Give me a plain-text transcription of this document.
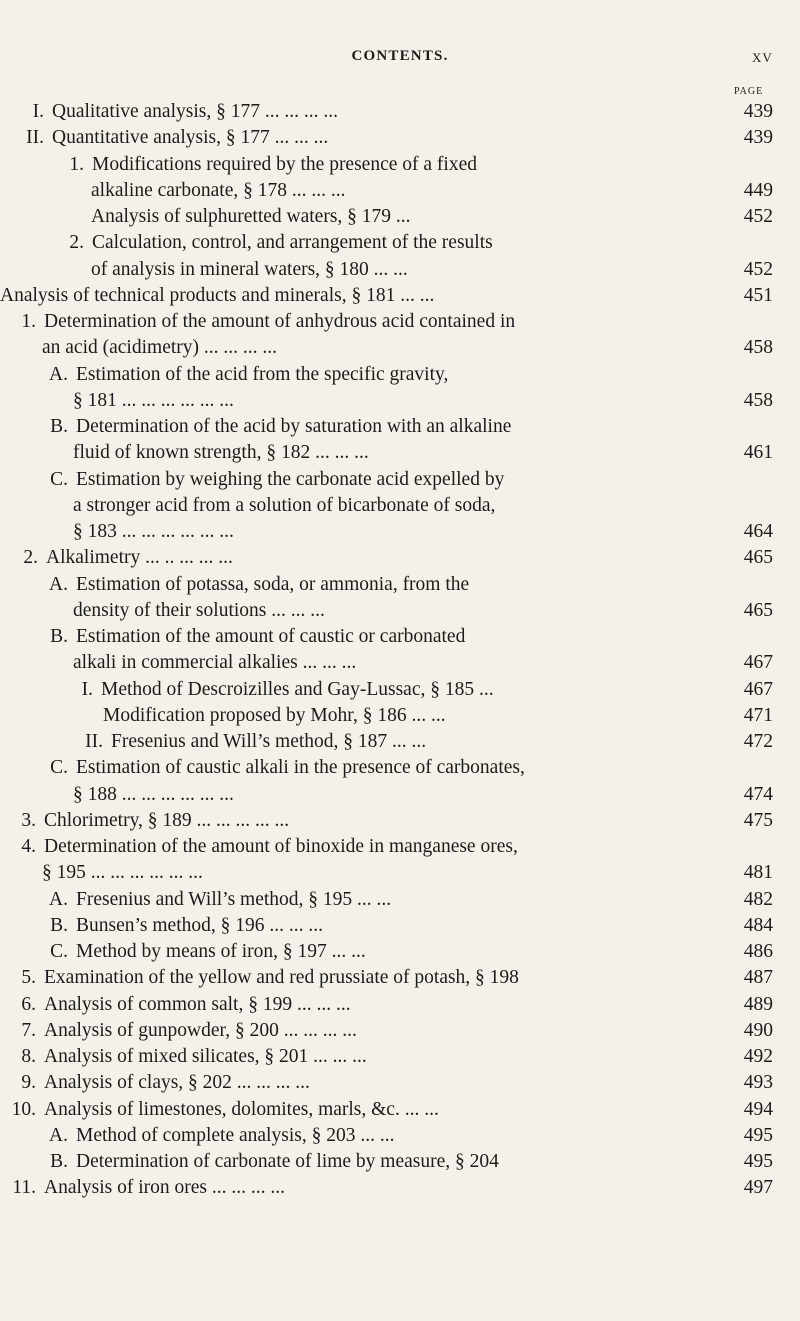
CONTENTS.	XV
PAGE
I. Qualitative analysis, § 177 ... ... ... ...	439
II. Quantitative analysis, § 177 ... ... ...	439
1. Modifications required by the presence of a fixed
alkaline carbonate, § 178 ... ... ...	449
Analysis of sulphuretted waters, § 179 ...	452
2. Calculation, control, and arrangement of the results
of analysis in mineral waters, § 180 ... ...	452
Analysis of technical products and minerals, § 181 ... ...	451
1. Determination of the amount of anhydrous acid contained in
an acid (acidimetry) ... ... ... ...	458
A. Estimation of the acid from the specific gravity,
§ 181 ... ... ... ... ... ...	458
B. Determination of the acid by saturation with an alkaline
fluid of known strength, § 182 ... ... ...	461
C. Estimation by weighing the carbonate acid expelled by
a stronger acid from a solution of bicarbonate of soda,
§ 183 ... ... ... ... ... ...	464
2. Alkalimetry ... .. ... ... ...	465
A. Estimation of potassa, soda, or ammonia, from the
density of their solutions ... ... ...	465
B. Estimation of the amount of caustic or carbonated
alkali in commercial alkalies ... ... ...	467
I. Method of Descroizilles and Gay-Lussac, § 185 ...	467
Modification proposed by Mohr, § 186 ... ...	471
II. Fresenius and Will’s method, § 187 ... ...	472
C. Estimation of caustic alkali in the presence of carbonates,
§ 188 ... ... ... ... ... ...	474
3. Chlorimetry, § 189 ... ... ... ... ...	475
4. Determination of the amount of binoxide in manganese ores,
§ 195 ... ... ... ... ... ...	481
A. Fresenius and Will’s method, § 195 ... ...	482
B. Bunsen’s method, § 196 ... ... ...	484
C. Method by means of iron, § 197 ... ...	486
5. Examination of the yellow and red prussiate of potash, § 198	487
6. Analysis of common salt, § 199 ... ... ...	489
7. Analysis of gunpowder, § 200 ... ... ... ...	490
8. Analysis of mixed silicates, § 201 ... ... ...	492
9. Analysis of clays, § 202 ... ... ... ...	493
10. Analysis of limestones, dolomites, marls, &c. ... ...	494
A. Method of complete analysis, § 203 ... ...	495
B. Determination of carbonate of lime by measure, § 204	495
11. Analysis of iron ores ... ... ... ...	497
